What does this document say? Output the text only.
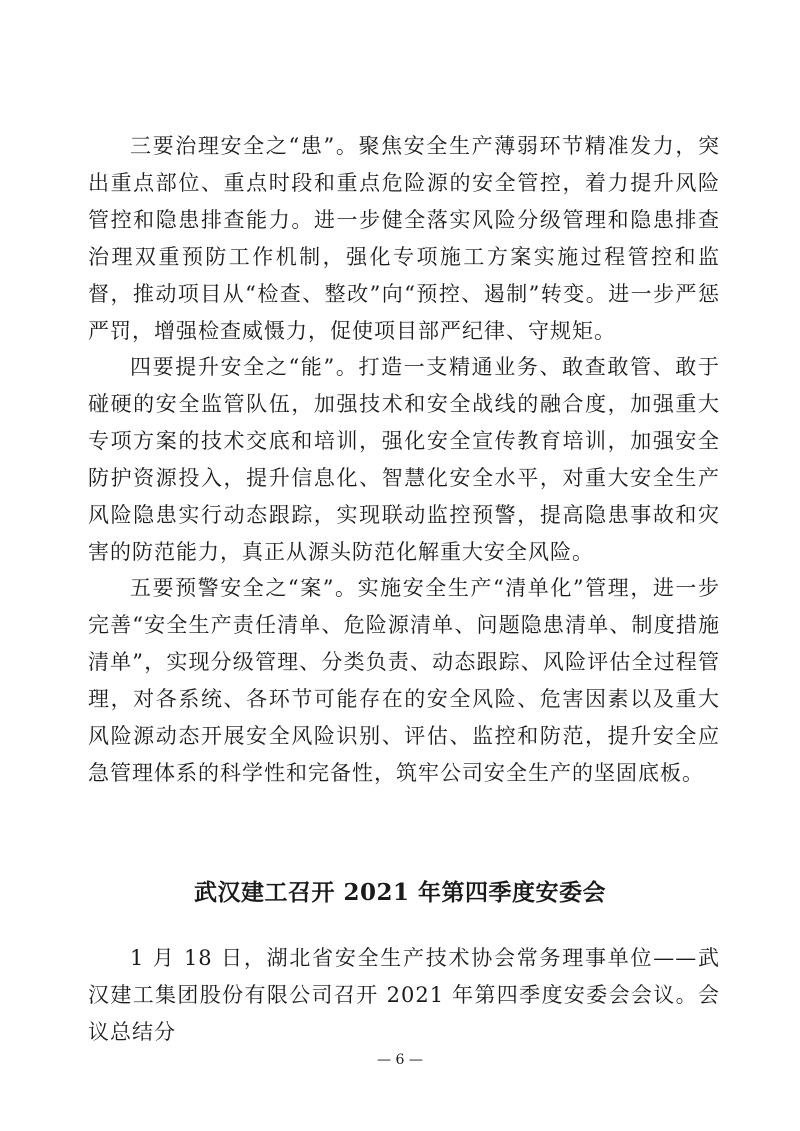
三要治理安全之“患”。聚焦安全生产薄弱环节精准发力，突出重点部位、重点时段和重点危险源的安全管控，着力提升风险管控和隐患排查能力。进一步健全落实风险分级管理和隐患排查治理双重预防工作机制，强化专项施工方案实施过程管控和监督，推动项目从“检查、整改”向“预控、遏制”转变。进一步严惩严罚，增强检查威慑力，促使项目部严纪律、守规矩。

四要提升安全之“能”。打造一支精通业务、敢查敢管、敢于碰硬的安全监管队伍，加强技术和安全战线的融合度，加强重大专项方案的技术交底和培训，强化安全宣传教育培训，加强安全防护资源投入，提升信息化、智慧化安全水平，对重大安全生产风险隐患实行动态跟踪，实现联动监控预警，提高隐患事故和灾害的防范能力，真正从源头防范化解重大安全风险。

五要预警安全之“案”。实施安全生产“清单化”管理，进一步完善“安全生产责任清单、危险源清单、问题隐患清单、制度措施清单”，实现分级管理、分类负责、动态跟踪、风险评估全过程管理，对各系统、各环节可能存在的安全风险、危害因素以及重大风险源动态开展安全风险识别、评估、监控和防范，提升安全应急管理体系的科学性和完备性，筑牢公司安全生产的坚固底板。

武汉建工召开 2021 年第四季度安委会

1 月 18 日，湖北省安全生产技术协会常务理事单位——武汉建工集团股份有限公司召开 2021 年第四季度安委会会议。会议总结分

— 6 —
